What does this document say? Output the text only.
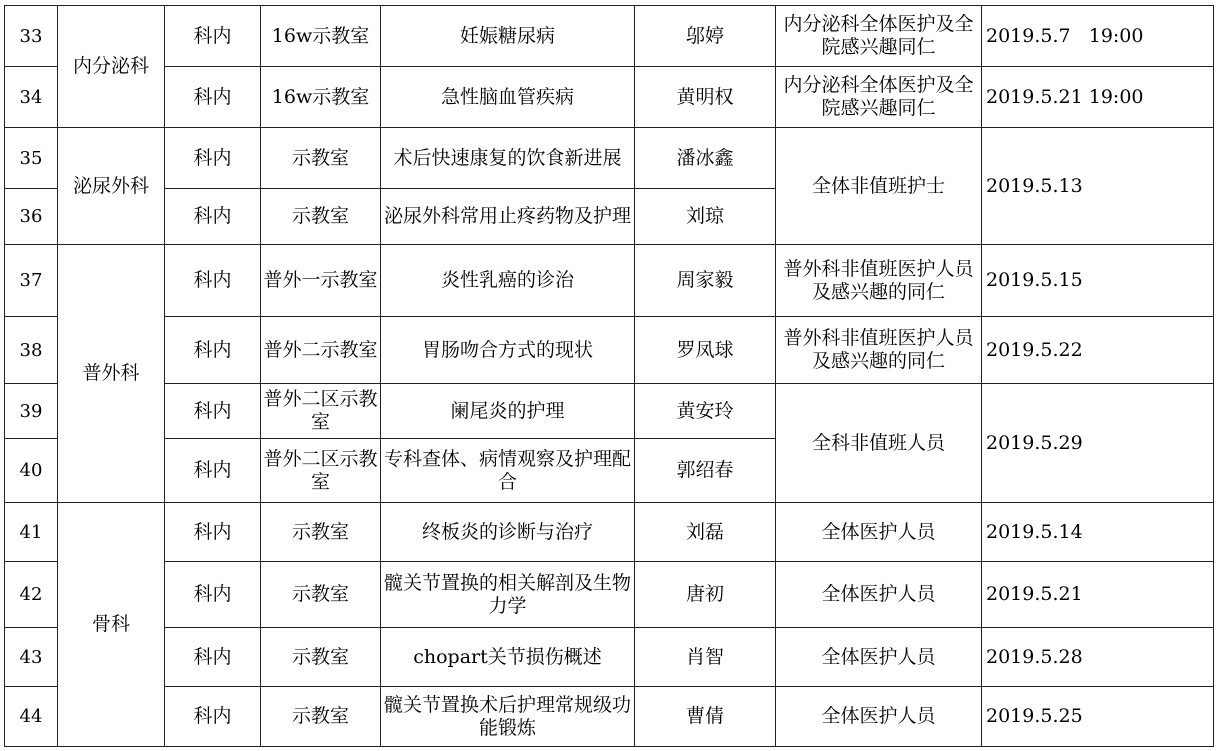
33	内分泌科	科内	16w示教室	妊娠糖尿病	邬婷	内分泌科全体医护及全院感兴趣同仁	2019.5.7   19:00
34		科内	16w示教室	急性脑血管疾病	黄明权	内分泌科全体医护及全院感兴趣同仁	2019.5.21 19:00
35	泌尿外科	科内	示教室	术后快速康复的饮食新进展	潘冰鑫	全体非值班护士	2019.5.13
36		科内	示教室	泌尿外科常用止疼药物及护理	刘琼		
37	普外科	科内	普外一示教室	炎性乳癌的诊治	周家毅	普外科非值班医护人员及感兴趣的同仁	2019.5.15
38		科内	普外二示教室	胃肠吻合方式的现状	罗凤球	普外科非值班医护人员及感兴趣的同仁	2019.5.22
39		科内	普外二区示教室	阑尾炎的护理	黄安玲	全科非值班人员	2019.5.29
40		科内	普外二区示教室	专科查体、病情观察及护理配合	郭绍春		
41	骨科	科内	示教室	终板炎的诊断与治疗	刘磊	全体医护人员	2019.5.14
42		科内	示教室	髋关节置换的相关解剖及生物力学	唐初	全体医护人员	2019.5.21
43		科内	示教室	chopart关节损伤概述	肖智	全体医护人员	2019.5.28
44		科内	示教室	髋关节置换术后护理常规级功能锻炼	曹倩	全体医护人员	2019.5.25
